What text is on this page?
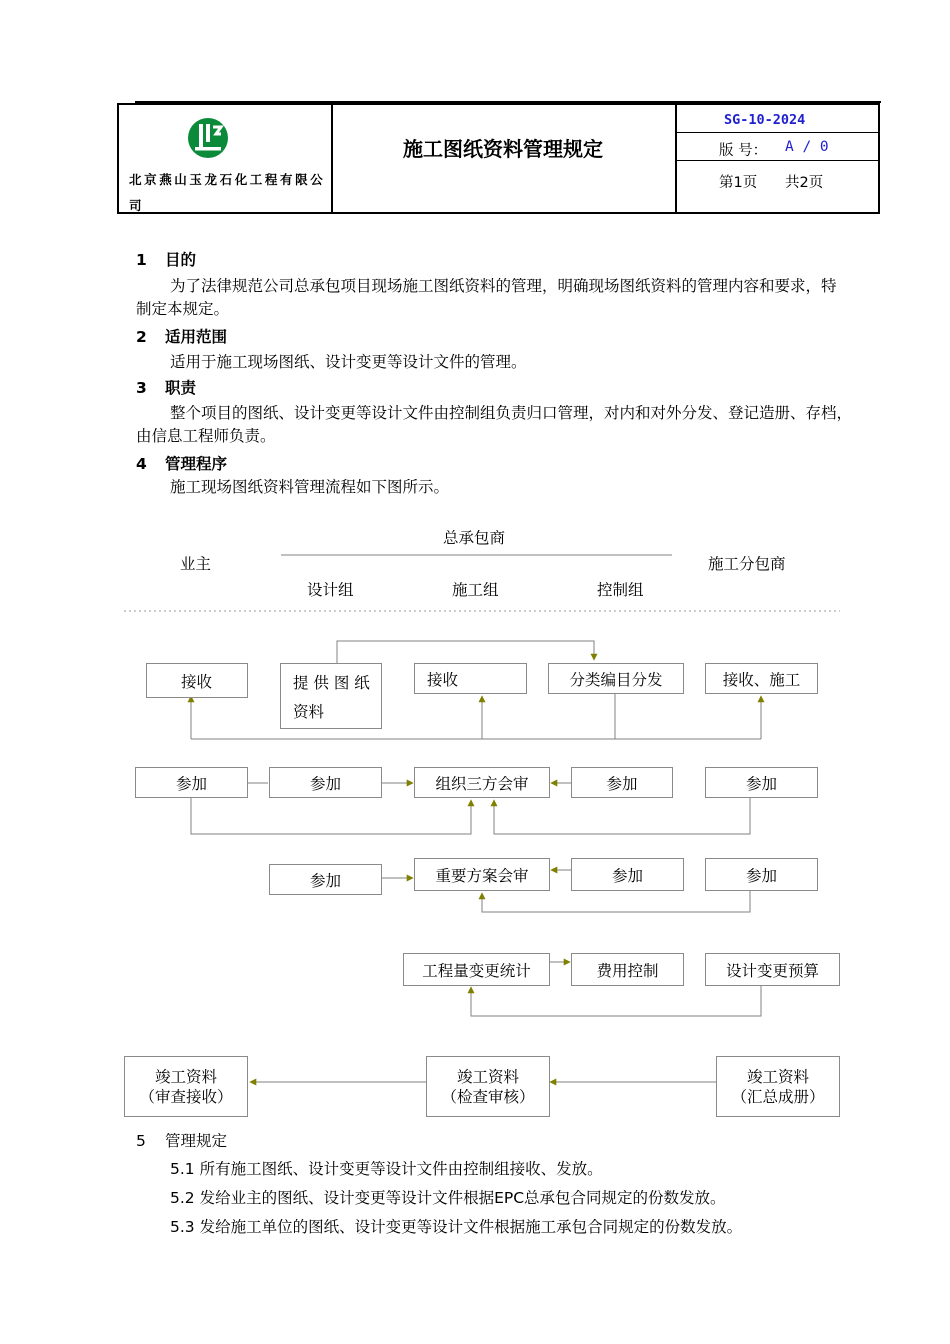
北京燕山玉龙石化工程有限公司
施工图纸资料管理规定
SG-10-2024
版 号： A / 0
第1页 共2页
1 目的
为了法律规范公司总承包项目现场施工图纸资料的管理，明确现场图纸资料的管理内容和要求，特
制定本规定。
2 适用范围
适用于施工现场图纸、设计变更等设计文件的管理。
3 职责
整个项目的图纸、设计变更等设计文件由控制组负责归口管理，对内和对外分发、登记造册、存档，
由信息工程师负责。
4 管理程序
施工现场图纸资料管理流程如下图所示。
总承包商
业主	施工分包商
设计组	施工组	控制组
接收	提 供 图 纸
资料
接收	分类编目分发	接收、施工
参加	参加	组织三方会审	参加	参加
参加	重要方案会审	参加	参加
工程量变更统计	费用控制	设计变更预算
竣工资料
（审查接收）
竣工资料
（检查审核）
竣工资料
（汇总成册）
5 管理规定
5.1 所有施工图纸、设计变更等设计文件由控制组接收、发放。
5.2 发给业主的图纸、设计变更等设计文件根据EPC总承包合同规定的份数发放。
5.3 发给施工单位的图纸、设计变更等设计文件根据施工承包合同规定的份数发放。
